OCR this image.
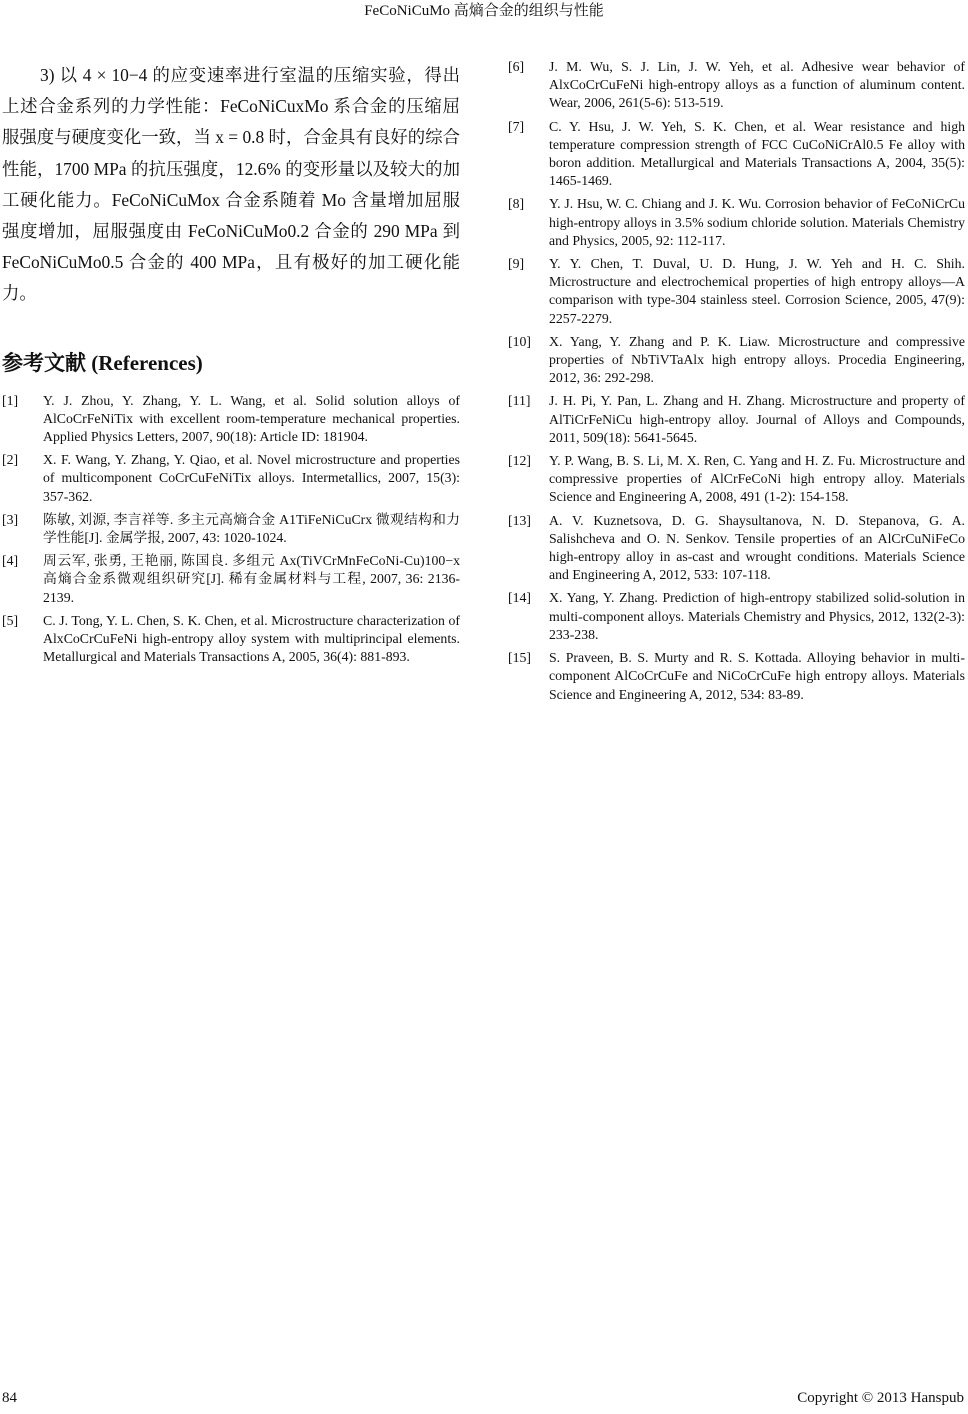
FeCoNiCuMo 高熵合金的组织与性能

3) 以 4 × 10−4 的应变速率进行室温的压缩实验，得出上述合金系列的力学性能：FeCoNiCuxMo 系合金的压缩屈服强度与硬度变化一致，当 x = 0.8 时，合金具有良好的综合性能，1700 MPa 的抗压强度，12.6% 的变形量以及较大的加工硬化能力。FeCoNiCuMox 合金系随着 Mo 含量增加屈服强度增加，屈服强度由 FeCoNiCuMo0.2 合金的 290 MPa 到 FeCoNiCuMo0.5 合金的 400 MPa，且有极好的加工硬化能力。

参考文献 (References)
[1] Y. J. Zhou, Y. Zhang, Y. L. Wang, et al. Solid solution alloys of AlCoCrFeNiTix with excellent room-temperature mechanical properties. Applied Physics Letters, 2007, 90(18): Article ID: 181904.
[2] X. F. Wang, Y. Zhang, Y. Qiao, et al. Novel microstructure and properties of multicomponent CoCrCuFeNiTix alloys. Intermetallics, 2007, 15(3): 357-362.
[3] 陈敏, 刘源, 李言祥等. 多主元高熵合金 A1TiFeNiCuCrx 微观结构和力学性能[J]. 金属学报, 2007, 43: 1020-1024.
[4] 周云军, 张勇, 王艳丽, 陈国良. 多组元 Ax(TiVCrMnFeCoNi-Cu)100−x 高熵合金系微观组织研究[J]. 稀有金属材料与工程, 2007, 36: 2136-2139.
[5] C. J. Tong, Y. L. Chen, S. K. Chen, et al. Microstructure characterization of AlxCoCrCuFeNi high-entropy alloy system with multiprincipal elements. Metallurgical and Materials Transactions A, 2005, 36(4): 881-893.
[6] J. M. Wu, S. J. Lin, J. W. Yeh, et al. Adhesive wear behavior of AlxCoCrCuFeNi high-entropy alloys as a function of aluminum content. Wear, 2006, 261(5-6): 513-519.
[7] C. Y. Hsu, J. W. Yeh, S. K. Chen, et al. Wear resistance and high temperature compression strength of FCC CuCoNiCrAl0.5 Fe alloy with boron addition. Metallurgical and Materials Transactions A, 2004, 35(5): 1465-1469.
[8] Y. J. Hsu, W. C. Chiang and J. K. Wu. Corrosion behavior of FeCoNiCrCu high-entropy alloys in 3.5% sodium chloride solution. Materials Chemistry and Physics, 2005, 92: 112-117.
[9] Y. Y. Chen, T. Duval, U. D. Hung, J. W. Yeh and H. C. Shih. Microstructure and electrochemical properties of high entropy alloys—A comparison with type-304 stainless steel. Corrosion Science, 2005, 47(9): 2257-2279.
[10] X. Yang, Y. Zhang and P. K. Liaw. Microstructure and compressive properties of NbTiVTaAlx high entropy alloys. Procedia Engineering, 2012, 36: 292-298.
[11] J. H. Pi, Y. Pan, L. Zhang and H. Zhang. Microstructure and property of AlTiCrFeNiCu high-entropy alloy. Journal of Alloys and Compounds, 2011, 509(18): 5641-5645.
[12] Y. P. Wang, B. S. Li, M. X. Ren, C. Yang and H. Z. Fu. Microstructure and compressive properties of AlCrFeCoNi high entropy alloy. Materials Science and Engineering A, 2008, 491 (1-2): 154-158.
[13] A. V. Kuznetsova, D. G. Shaysultanova, N. D. Stepanova, G. A. Salishcheva and O. N. Senkov. Tensile properties of an AlCrCuNiFeCo high-entropy alloy in as-cast and wrought conditions. Materials Science and Engineering A, 2012, 533: 107-118.
[14] X. Yang, Y. Zhang. Prediction of high-entropy stabilized solid-solution in multi-component alloys. Materials Chemistry and Physics, 2012, 132(2-3): 233-238.
[15] S. Praveen, B. S. Murty and R. S. Kottada. Alloying behavior in multi-component AlCoCrCuFe and NiCoCrCuFe high entropy alloys. Materials Science and Engineering A, 2012, 534: 83-89.
84	Copyright © 2013 Hanspub
